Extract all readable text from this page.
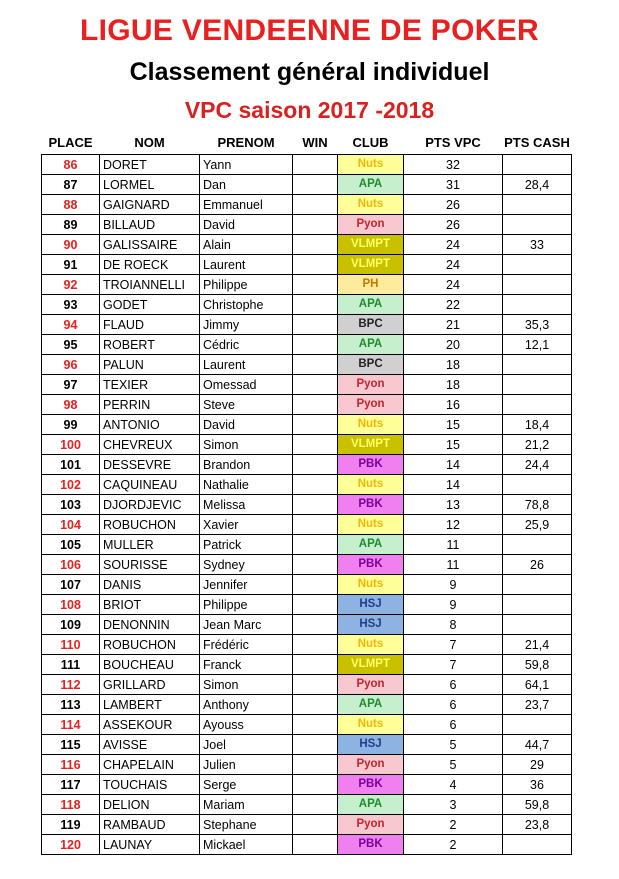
LIGUE VENDEENNE DE POKER
Classement général individuel
VPC saison 2017 -2018
PLACE	NOM	PRENOM	WIN	CLUB	PTS VPC	PTS CASH
86	DORET	Yann		Nuts	32	
87	LORMEL	Dan		APA	31	28,4
88	GAIGNARD	Emmanuel		Nuts	26	
89	BILLAUD	David		Pyon	26	
90	GALISSAIRE	Alain		VLMPT	24	33
91	DE ROECK	Laurent		VLMPT	24	
92	TROIANNELLI	Philippe		PH	24	
93	GODET	Christophe		APA	22	
94	FLAUD	Jimmy		BPC	21	35,3
95	ROBERT	Cédric		APA	20	12,1
96	PALUN	Laurent		BPC	18	
97	TEXIER	Omessad		Pyon	18	
98	PERRIN	Steve		Pyon	16	
99	ANTONIO	David		Nuts	15	18,4
100	CHEVREUX	Simon		VLMPT	15	21,2
101	DESSEVRE	Brandon		PBK	14	24,4
102	CAQUINEAU	Nathalie		Nuts	14	
103	DJORDJEVIC	Melissa		PBK	13	78,8
104	ROBUCHON	Xavier		Nuts	12	25,9
105	MULLER	Patrick		APA	11	
106	SOURISSE	Sydney		PBK	11	26
107	DANIS	Jennifer		Nuts	9	
108	BRIOT	Philippe		HSJ	9	
109	DENONNIN	Jean Marc		HSJ	8	
110	ROBUCHON	Frédéric		Nuts	7	21,4
111	BOUCHEAU	Franck		VLMPT	7	59,8
112	GRILLARD	Simon		Pyon	6	64,1
113	LAMBERT	Anthony		APA	6	23,7
114	ASSEKOUR	Ayouss		Nuts	6	
115	AVISSE	Joel		HSJ	5	44,7
116	CHAPELAIN	Julien		Pyon	5	29
117	TOUCHAIS	Serge		PBK	4	36
118	DELION	Mariam		APA	3	59,8
119	RAMBAUD	Stephane		Pyon	2	23,8
120	LAUNAY	Mickael		PBK	2	
